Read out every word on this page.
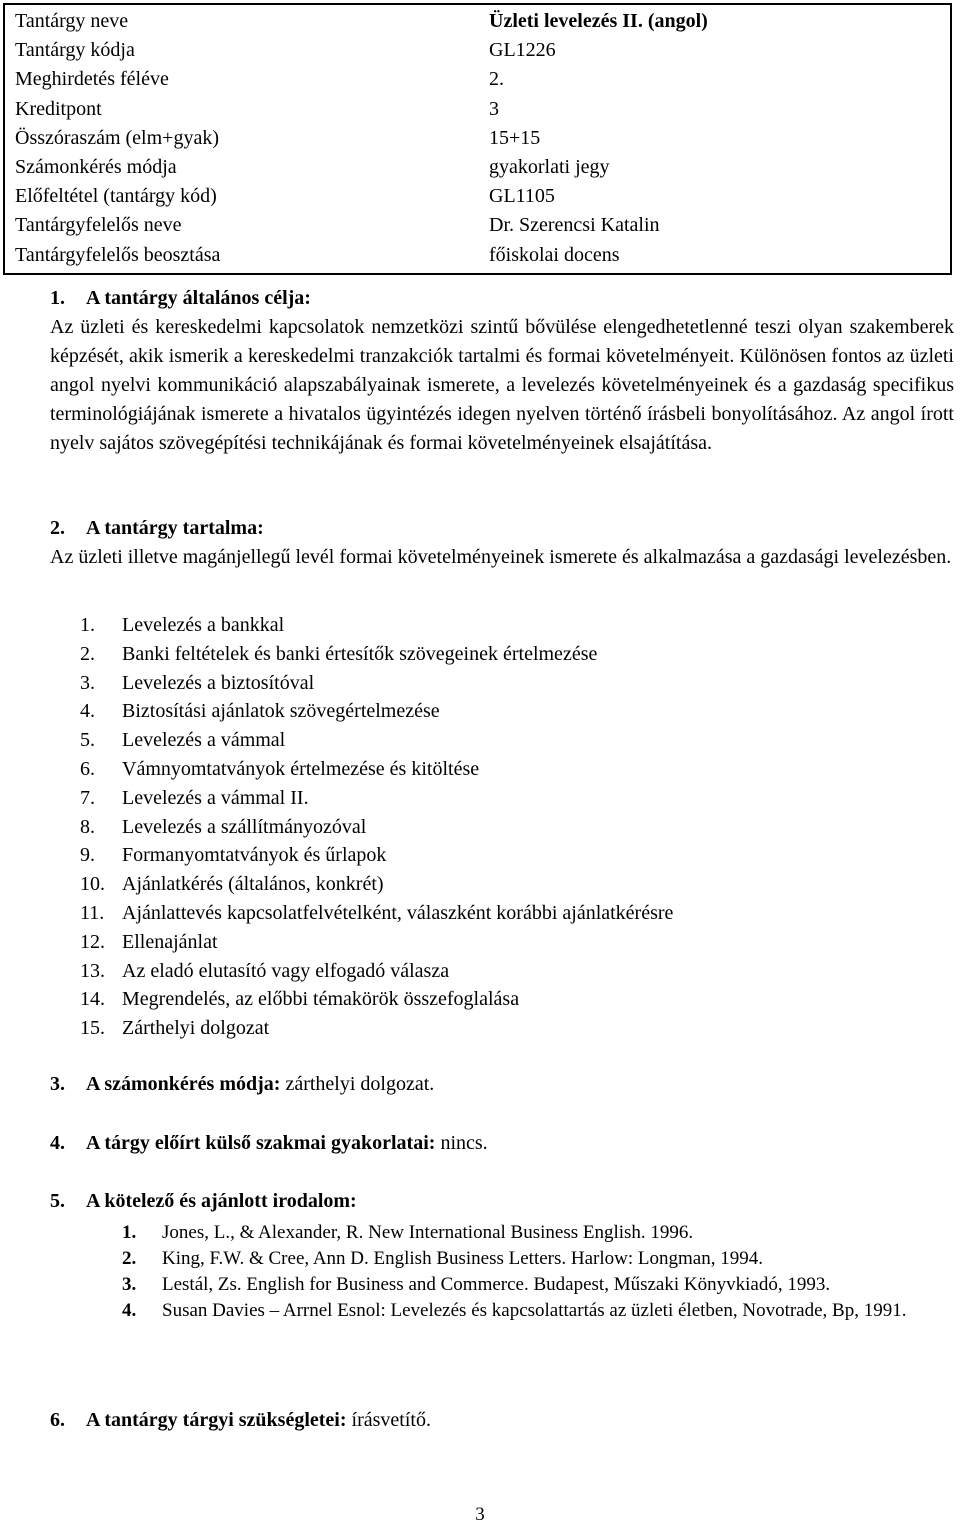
Tantárgy neve	Üzleti levelezés II. (angol)
Tantárgy kódja	GL1226
Meghirdetés féléve	2.
Kreditpont	3
Összóraszám (elm+gyak)	15+15
Számonkérés módja	gyakorlati jegy
Előfeltétel (tantárgy kód)	GL1105
Tantárgyfelelős neve	Dr. Szerencsi Katalin
Tantárgyfelelős beosztása	főiskolai docens
1. A tantárgy általános célja:
Az üzleti és kereskedelmi kapcsolatok nemzetközi szintű bővülése elengedhetetlenné teszi olyan szakemberek képzését, akik ismerik a kereskedelmi tranzakciók tartalmi és formai követelményeit. Különösen fontos az üzleti angol nyelvi kommunikáció alapszabályainak ismerete, a levelezés követelményeinek és a gazdaság specifikus terminológiájának ismerete a hivatalos ügyintézés idegen nyelven történő írásbeli bonyolításához. Az angol írott nyelv sajátos szövegépítési technikájának és formai követelményeinek elsajátítása.
2. A tantárgy tartalma:
Az üzleti illetve magánjellegű levél formai követelményeinek ismerete és alkalmazása a gazdasági levelezésben.
1. Levelezés a bankkal
2. Banki feltételek és banki értesítők szövegeinek értelmezése
3. Levelezés a biztosítóval
4. Biztosítási ajánlatok szövegértelmezése
5. Levelezés a vámmal
6. Vámnyomtatványok értelmezése és kitöltése
7. Levelezés a vámmal II.
8. Levelezés a szállítmányozóval
9. Formanyomtatványok és űrlapok
10. Ajánlatkérés (általános, konkrét)
11. Ajánlattevés kapcsolatfelvételként, válaszként korábbi ajánlatkérésre
12. Ellenajánlat
13. Az eladó elutasító vagy elfogadó válasza
14. Megrendelés, az előbbi témakörök összefoglalása
15. Zárthelyi dolgozat
3. A számonkérés módja: zárthelyi dolgozat.
4. A tárgy előírt külső szakmai gyakorlatai: nincs.
5. A kötelező és ajánlott irodalom:
1.	Jones, L., & Alexander, R. New International Business English. 1996.
2.	King, F.W. & Cree, Ann D. English Business Letters. Harlow: Longman, 1994.
3.	Lestál, Zs. English for Business and Commerce. Budapest, Műszaki Könyvkiadó, 1993.
4.	Susan Davies – Arrnel Esnol: Levelezés és kapcsolattartás az üzleti életben, Novotrade, Bp, 1991.
6. A tantárgy tárgyi szükségletei: írásvetítő.
3
